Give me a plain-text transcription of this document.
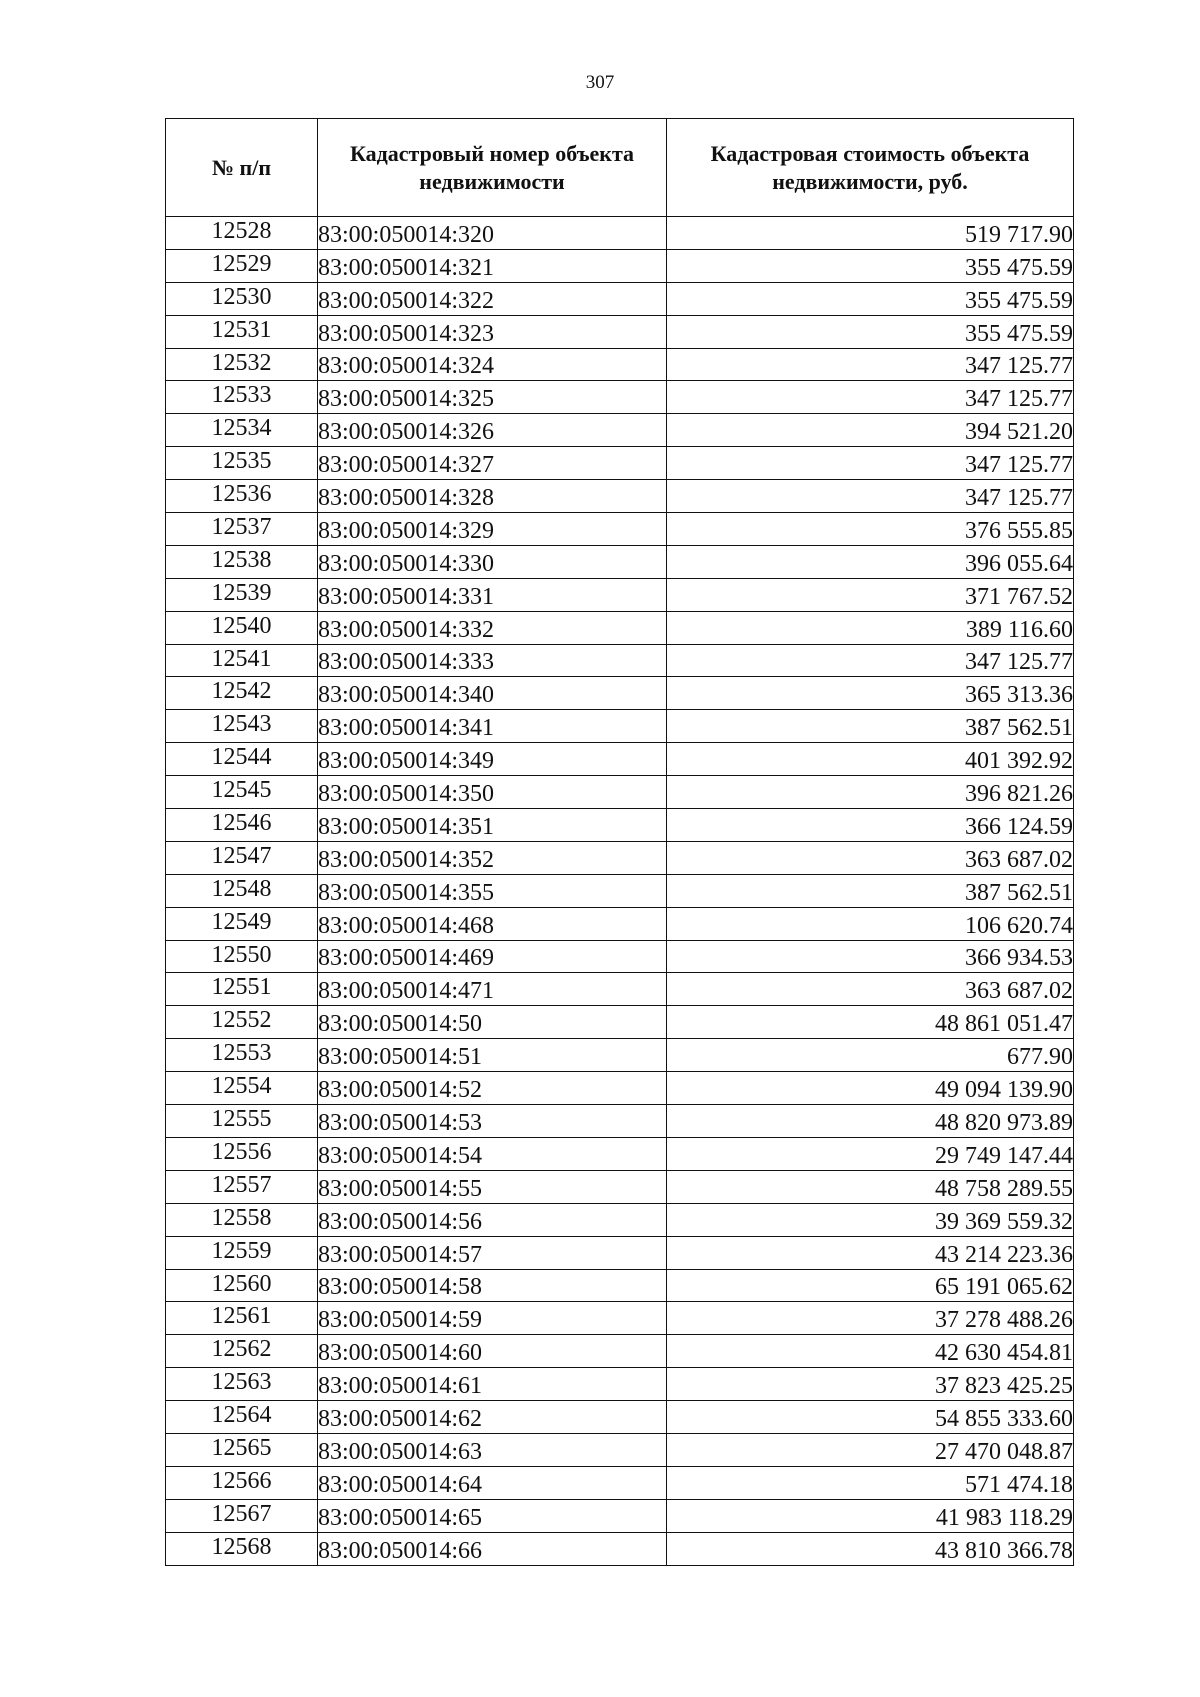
307
№ п/п	Кадастровый номер объекта недвижимости	Кадастровая стоимость объекта недвижимости, руб.
12528	83:00:050014:320	519 717.90
12529	83:00:050014:321	355 475.59
12530	83:00:050014:322	355 475.59
12531	83:00:050014:323	355 475.59
12532	83:00:050014:324	347 125.77
12533	83:00:050014:325	347 125.77
12534	83:00:050014:326	394 521.20
12535	83:00:050014:327	347 125.77
12536	83:00:050014:328	347 125.77
12537	83:00:050014:329	376 555.85
12538	83:00:050014:330	396 055.64
12539	83:00:050014:331	371 767.52
12540	83:00:050014:332	389 116.60
12541	83:00:050014:333	347 125.77
12542	83:00:050014:340	365 313.36
12543	83:00:050014:341	387 562.51
12544	83:00:050014:349	401 392.92
12545	83:00:050014:350	396 821.26
12546	83:00:050014:351	366 124.59
12547	83:00:050014:352	363 687.02
12548	83:00:050014:355	387 562.51
12549	83:00:050014:468	106 620.74
12550	83:00:050014:469	366 934.53
12551	83:00:050014:471	363 687.02
12552	83:00:050014:50	48 861 051.47
12553	83:00:050014:51	677.90
12554	83:00:050014:52	49 094 139.90
12555	83:00:050014:53	48 820 973.89
12556	83:00:050014:54	29 749 147.44
12557	83:00:050014:55	48 758 289.55
12558	83:00:050014:56	39 369 559.32
12559	83:00:050014:57	43 214 223.36
12560	83:00:050014:58	65 191 065.62
12561	83:00:050014:59	37 278 488.26
12562	83:00:050014:60	42 630 454.81
12563	83:00:050014:61	37 823 425.25
12564	83:00:050014:62	54 855 333.60
12565	83:00:050014:63	27 470 048.87
12566	83:00:050014:64	571 474.18
12567	83:00:050014:65	41 983 118.29
12568	83:00:050014:66	43 810 366.78
